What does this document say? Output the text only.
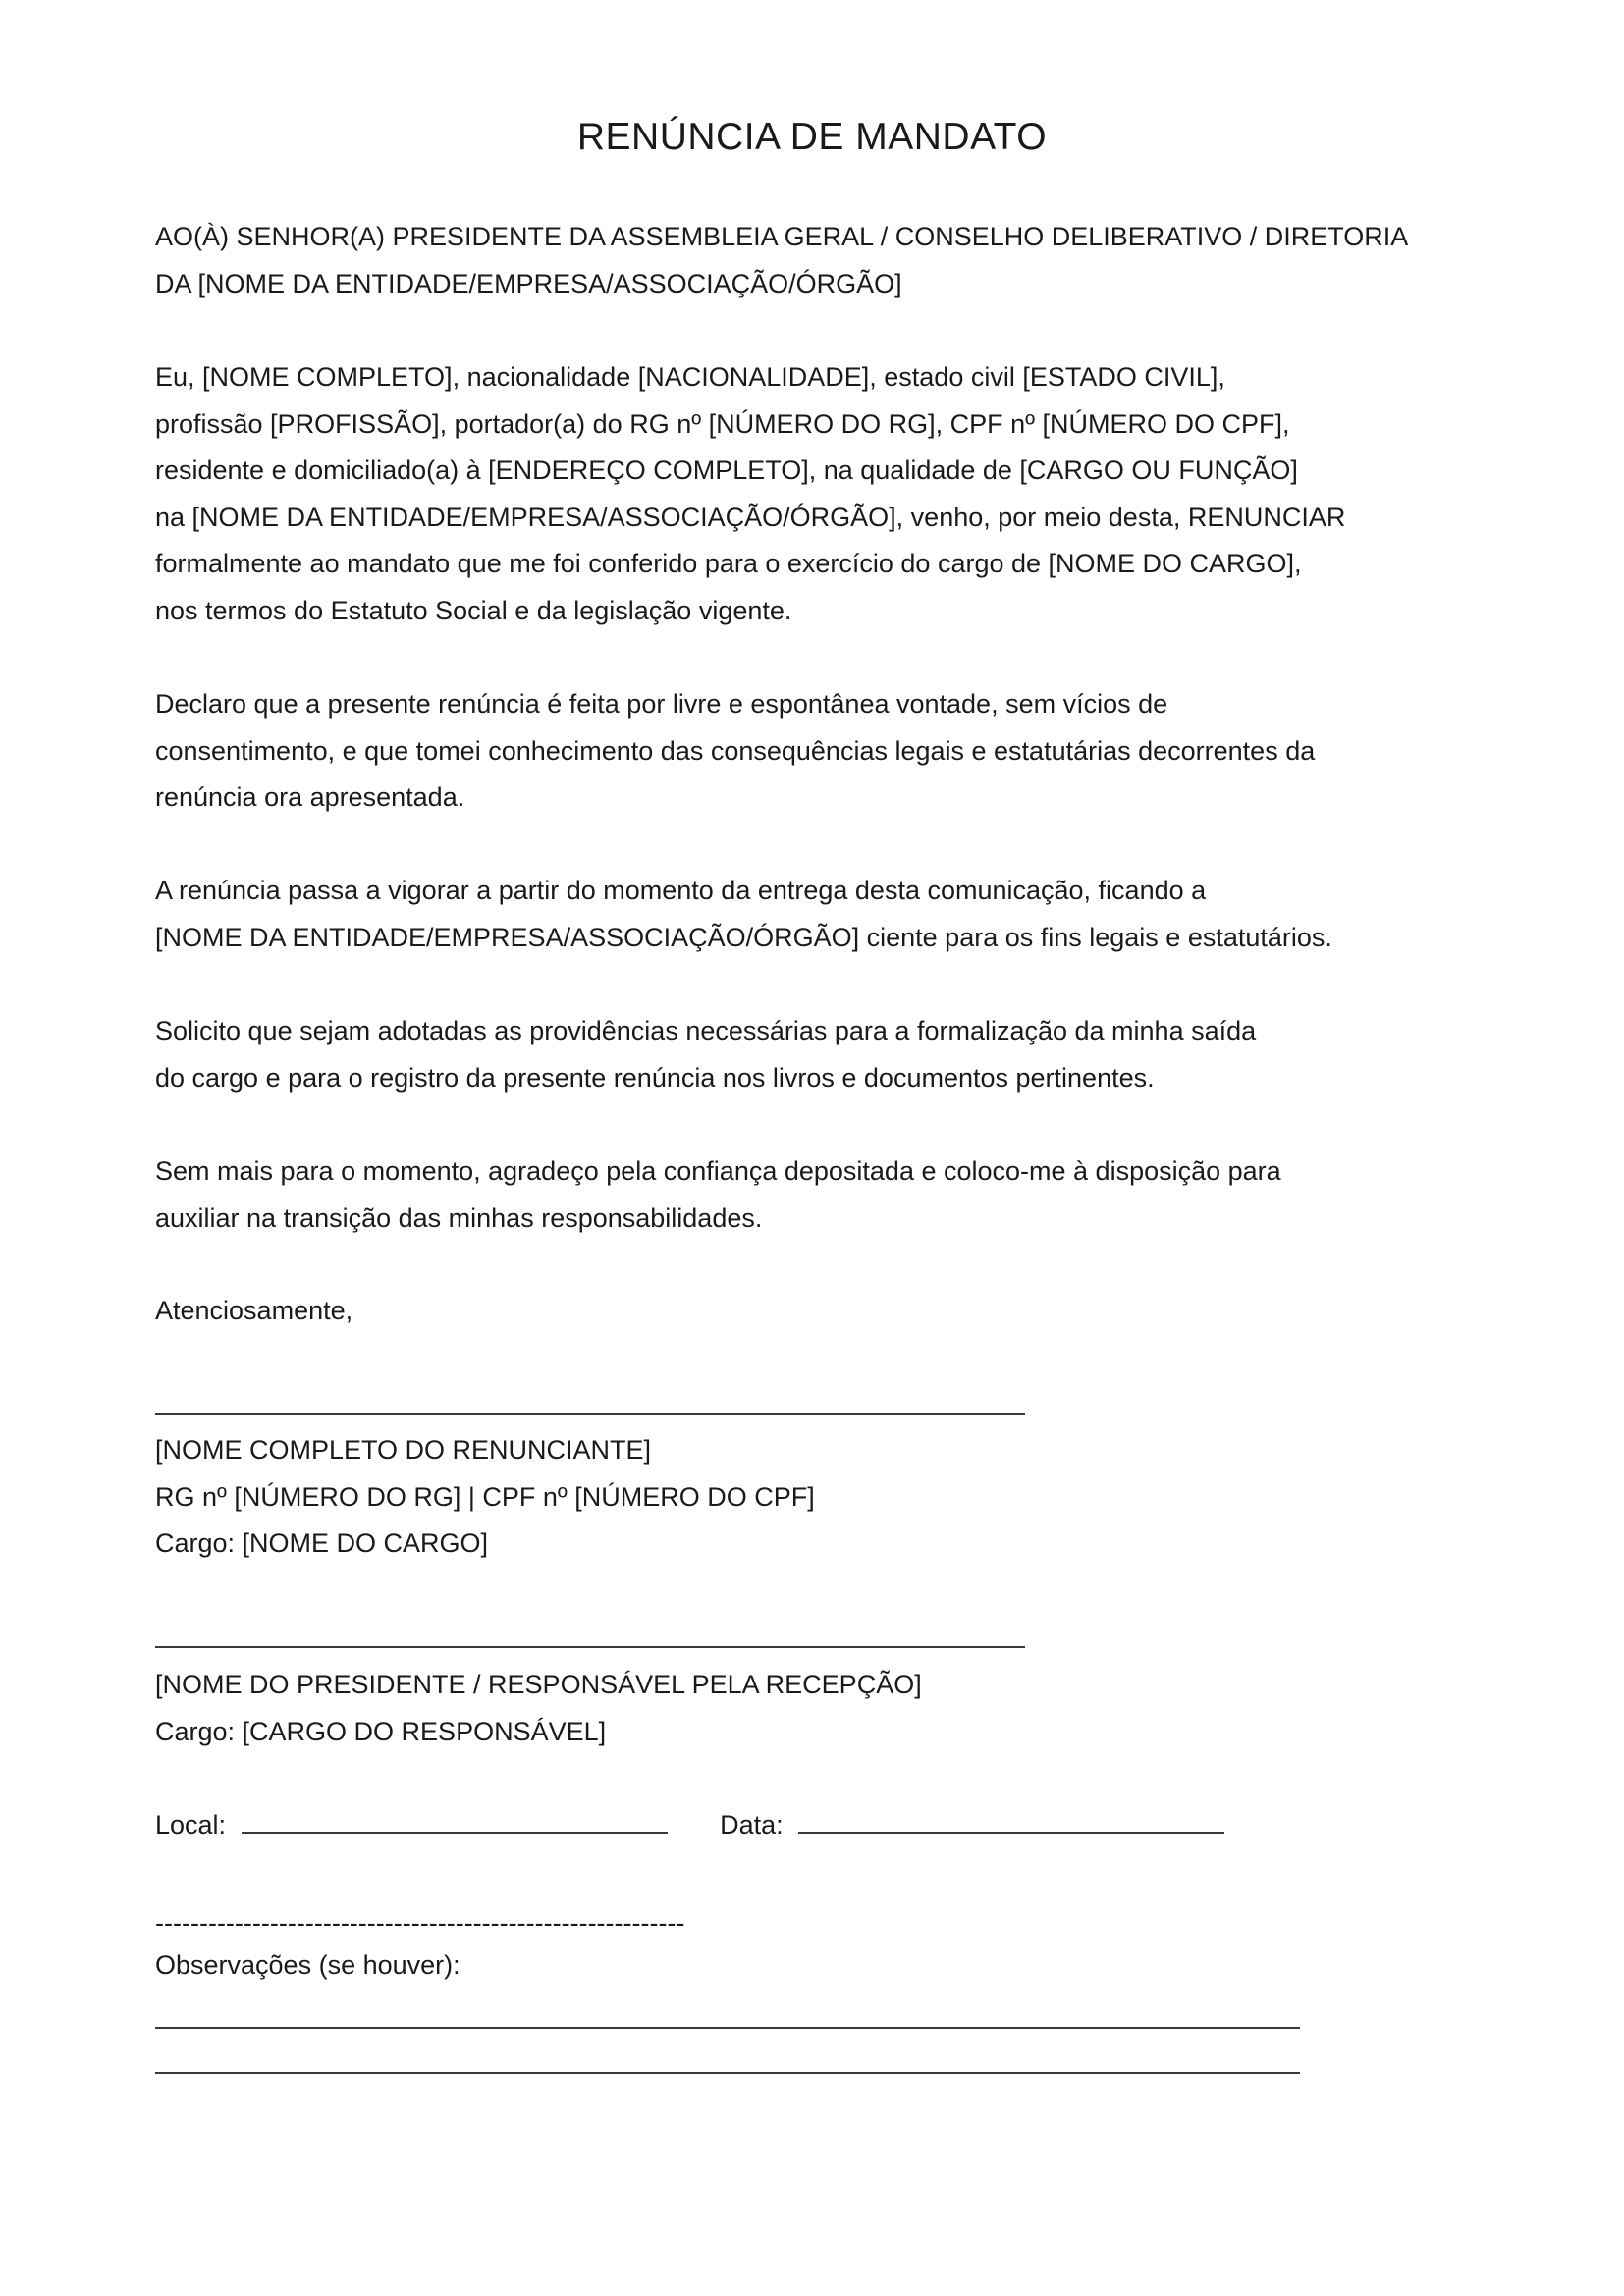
RENÚNCIA DE MANDATO
AO(À) SENHOR(A) PRESIDENTE DA ASSEMBLEIA GERAL / CONSELHO DELIBERATIVO / DIRETORIA
DA [NOME DA ENTIDADE/EMPRESA/ASSOCIAÇÃO/ÓRGÃO]
Eu, [NOME COMPLETO], nacionalidade [NACIONALIDADE], estado civil [ESTADO CIVIL],
profissão [PROFISSÃO], portador(a) do RG nº [NÚMERO DO RG], CPF nº [NÚMERO DO CPF],
residente e domiciliado(a) à [ENDEREÇO COMPLETO], na qualidade de [CARGO OU FUNÇÃO]
na [NOME DA ENTIDADE/EMPRESA/ASSOCIAÇÃO/ÓRGÃO], venho, por meio desta, RENUNCIAR
formalmente ao mandato que me foi conferido para o exercício do cargo de [NOME DO CARGO],
nos termos do Estatuto Social e da legislação vigente.
Declaro que a presente renúncia é feita por livre e espontânea vontade, sem vícios de
consentimento, e que tomei conhecimento das consequências legais e estatutárias decorrentes da
renúncia ora apresentada.
A renúncia passa a vigorar a partir do momento da entrega desta comunicação, ficando a
[NOME DA ENTIDADE/EMPRESA/ASSOCIAÇÃO/ÓRGÃO] ciente para os fins legais e estatutários.
Solicito que sejam adotadas as providências necessárias para a formalização da minha saída
do cargo e para o registro da presente renúncia nos livros e documentos pertinentes.
Sem mais para o momento, agradeço pela confiança depositada e coloco-me à disposição para
auxiliar na transição das minhas responsabilidades.
Atenciosamente,
[NOME COMPLETO DO RENUNCIANTE]
RG nº [NÚMERO DO RG] | CPF nº [NÚMERO DO CPF]
Cargo: [NOME DO CARGO]
[NOME DO PRESIDENTE / RESPONSÁVEL PELA RECEPÇÃO]
Cargo: [CARGO DO RESPONSÁVEL]
Local:	Data:
------------------------------------------------------------
Observações (se houver):
